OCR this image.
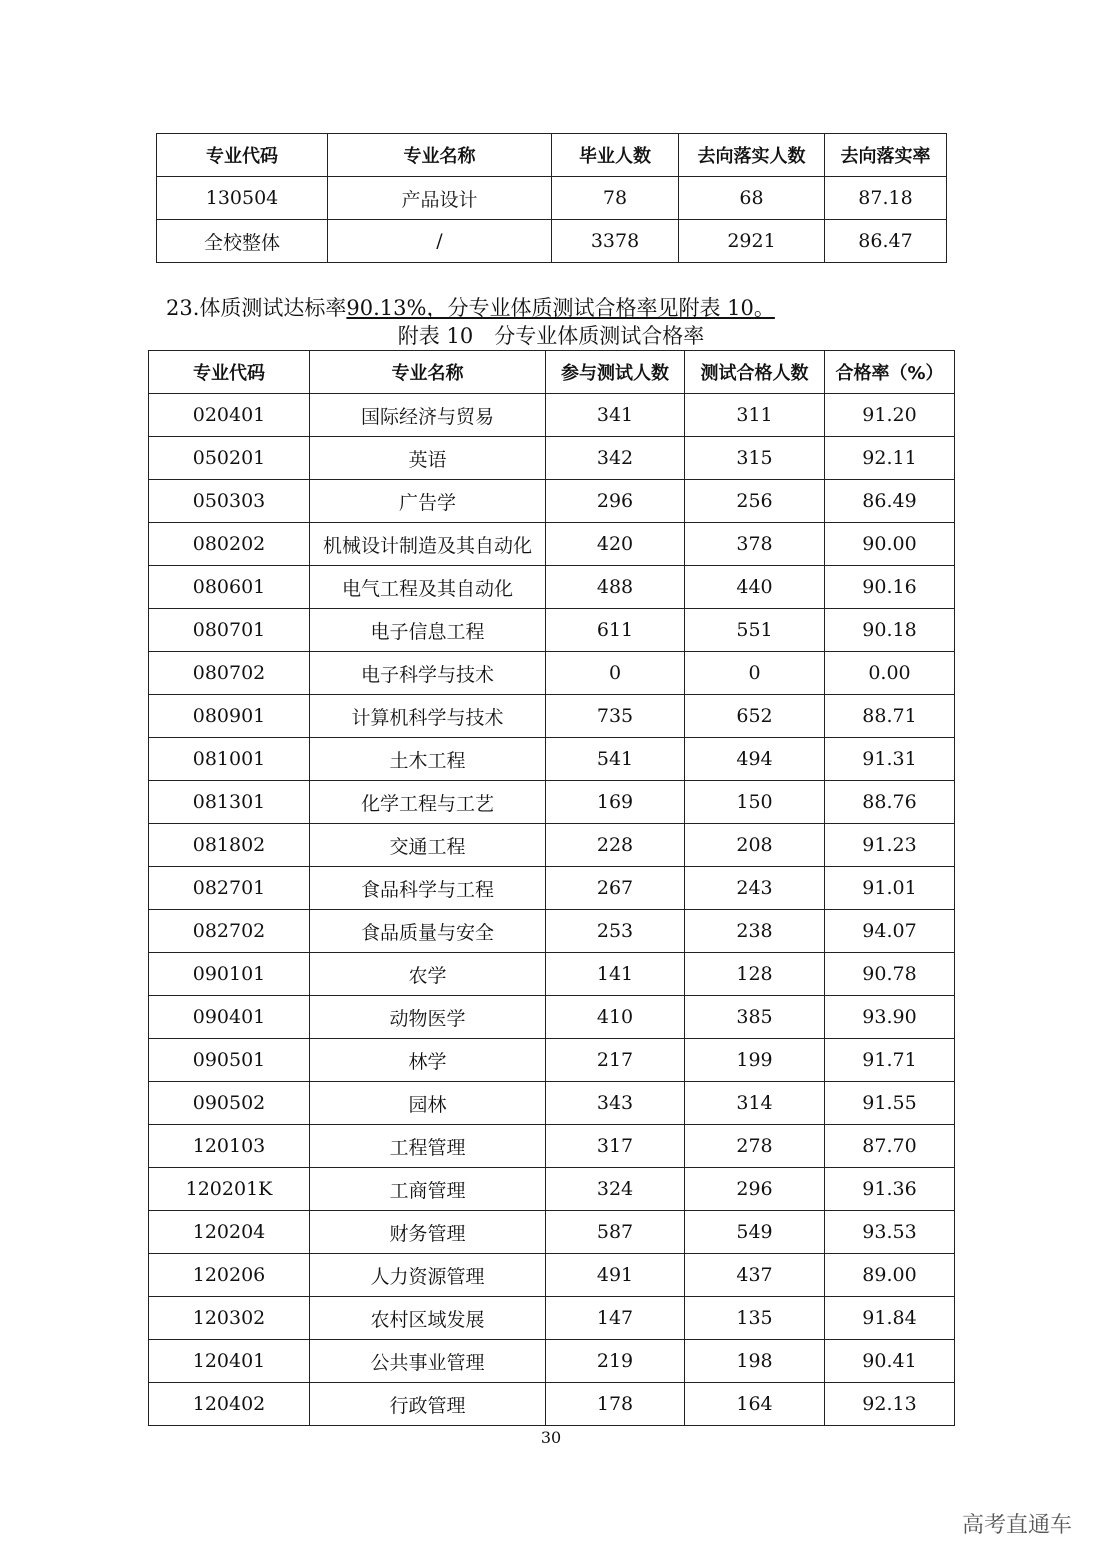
专业代码	专业名称	毕业人数	去向落实人数	去向落实率
130504	产品设计	78	68	87.18
全校整体	/	3378	2921	86.47
23.体质测试达标率90.13%，分专业体质测试合格率见附表 10。
附表 10　分专业体质测试合格率
专业代码	专业名称	参与测试人数	测试合格人数	合格率（%）
020401	国际经济与贸易	341	311	91.20
050201	英语	342	315	92.11
050303	广告学	296	256	86.49
080202	机械设计制造及其自动化	420	378	90.00
080601	电气工程及其自动化	488	440	90.16
080701	电子信息工程	611	551	90.18
080702	电子科学与技术	0	0	0.00
080901	计算机科学与技术	735	652	88.71
081001	土木工程	541	494	91.31
081301	化学工程与工艺	169	150	88.76
081802	交通工程	228	208	91.23
082701	食品科学与工程	267	243	91.01
082702	食品质量与安全	253	238	94.07
090101	农学	141	128	90.78
090401	动物医学	410	385	93.90
090501	林学	217	199	91.71
090502	园林	343	314	91.55
120103	工程管理	317	278	87.70
120201K	工商管理	324	296	91.36
120204	财务管理	587	549	93.53
120206	人力资源管理	491	437	89.00
120302	农村区域发展	147	135	91.84
120401	公共事业管理	219	198	90.41
120402	行政管理	178	164	92.13
30
高考直通车
